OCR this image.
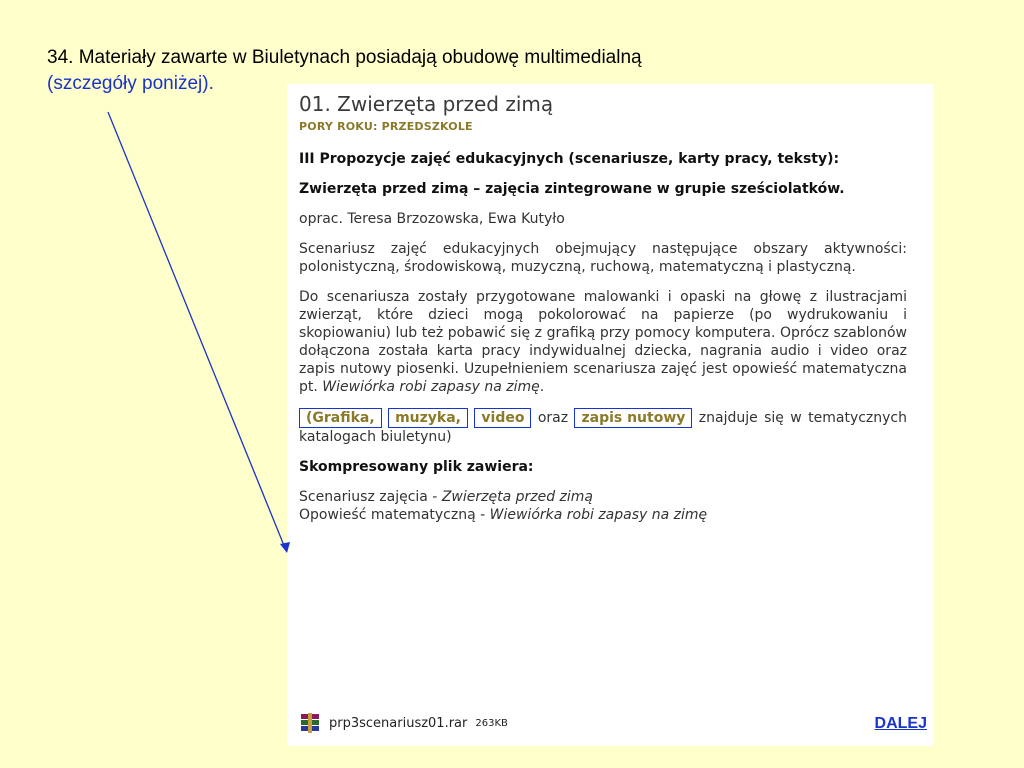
34. Materiały zawarte w Biuletynach posiadają obudowę multimedialną
(szczegóły poniżej).

01. Zwierzęta przed zimą

PORY ROKU: PRZEDSZKOLE

III Propozycje zajęć edukacyjnych (scenariusze, karty pracy, teksty):

Zwierzęta przed zimą – zajęcia zintegrowane w grupie sześciolatków.

oprac. Teresa Brzozowska, Ewa Kutyło

Scenariusz zajęć edukacyjnych obejmujący następujące obszary aktywności: polonistyczną, środowiskową, muzyczną, ruchową, matematyczną i plastyczną.

Do scenariusza zostały przygotowane malowanki i opaski na głowę z ilustracjami zwierząt, które dzieci mogą pokolorować na papierze (po wydrukowaniu i skopiowaniu) lub też pobawić się z grafiką przy pomocy komputera. Oprócz szablonów dołączona została karta pracy indywidualnej dziecka, nagrania audio i video oraz zapis nutowy piosenki. Uzupełnieniem scenariusza zajęć jest opowieść matematyczna pt. Wiewiórka robi zapasy na zimę.

(Grafika, muzyka, video oraz zapis nutowy znajduje się w tematycznych katalogach biuletynu)

Skompresowany plik zawiera:

Scenariusz zajęcia - Zwierzęta przed zimą
Opowieść matematyczną - Wiewiórka robi zapasy na zimę

prp3scenariusz01.rar 263KB	DALEJ
